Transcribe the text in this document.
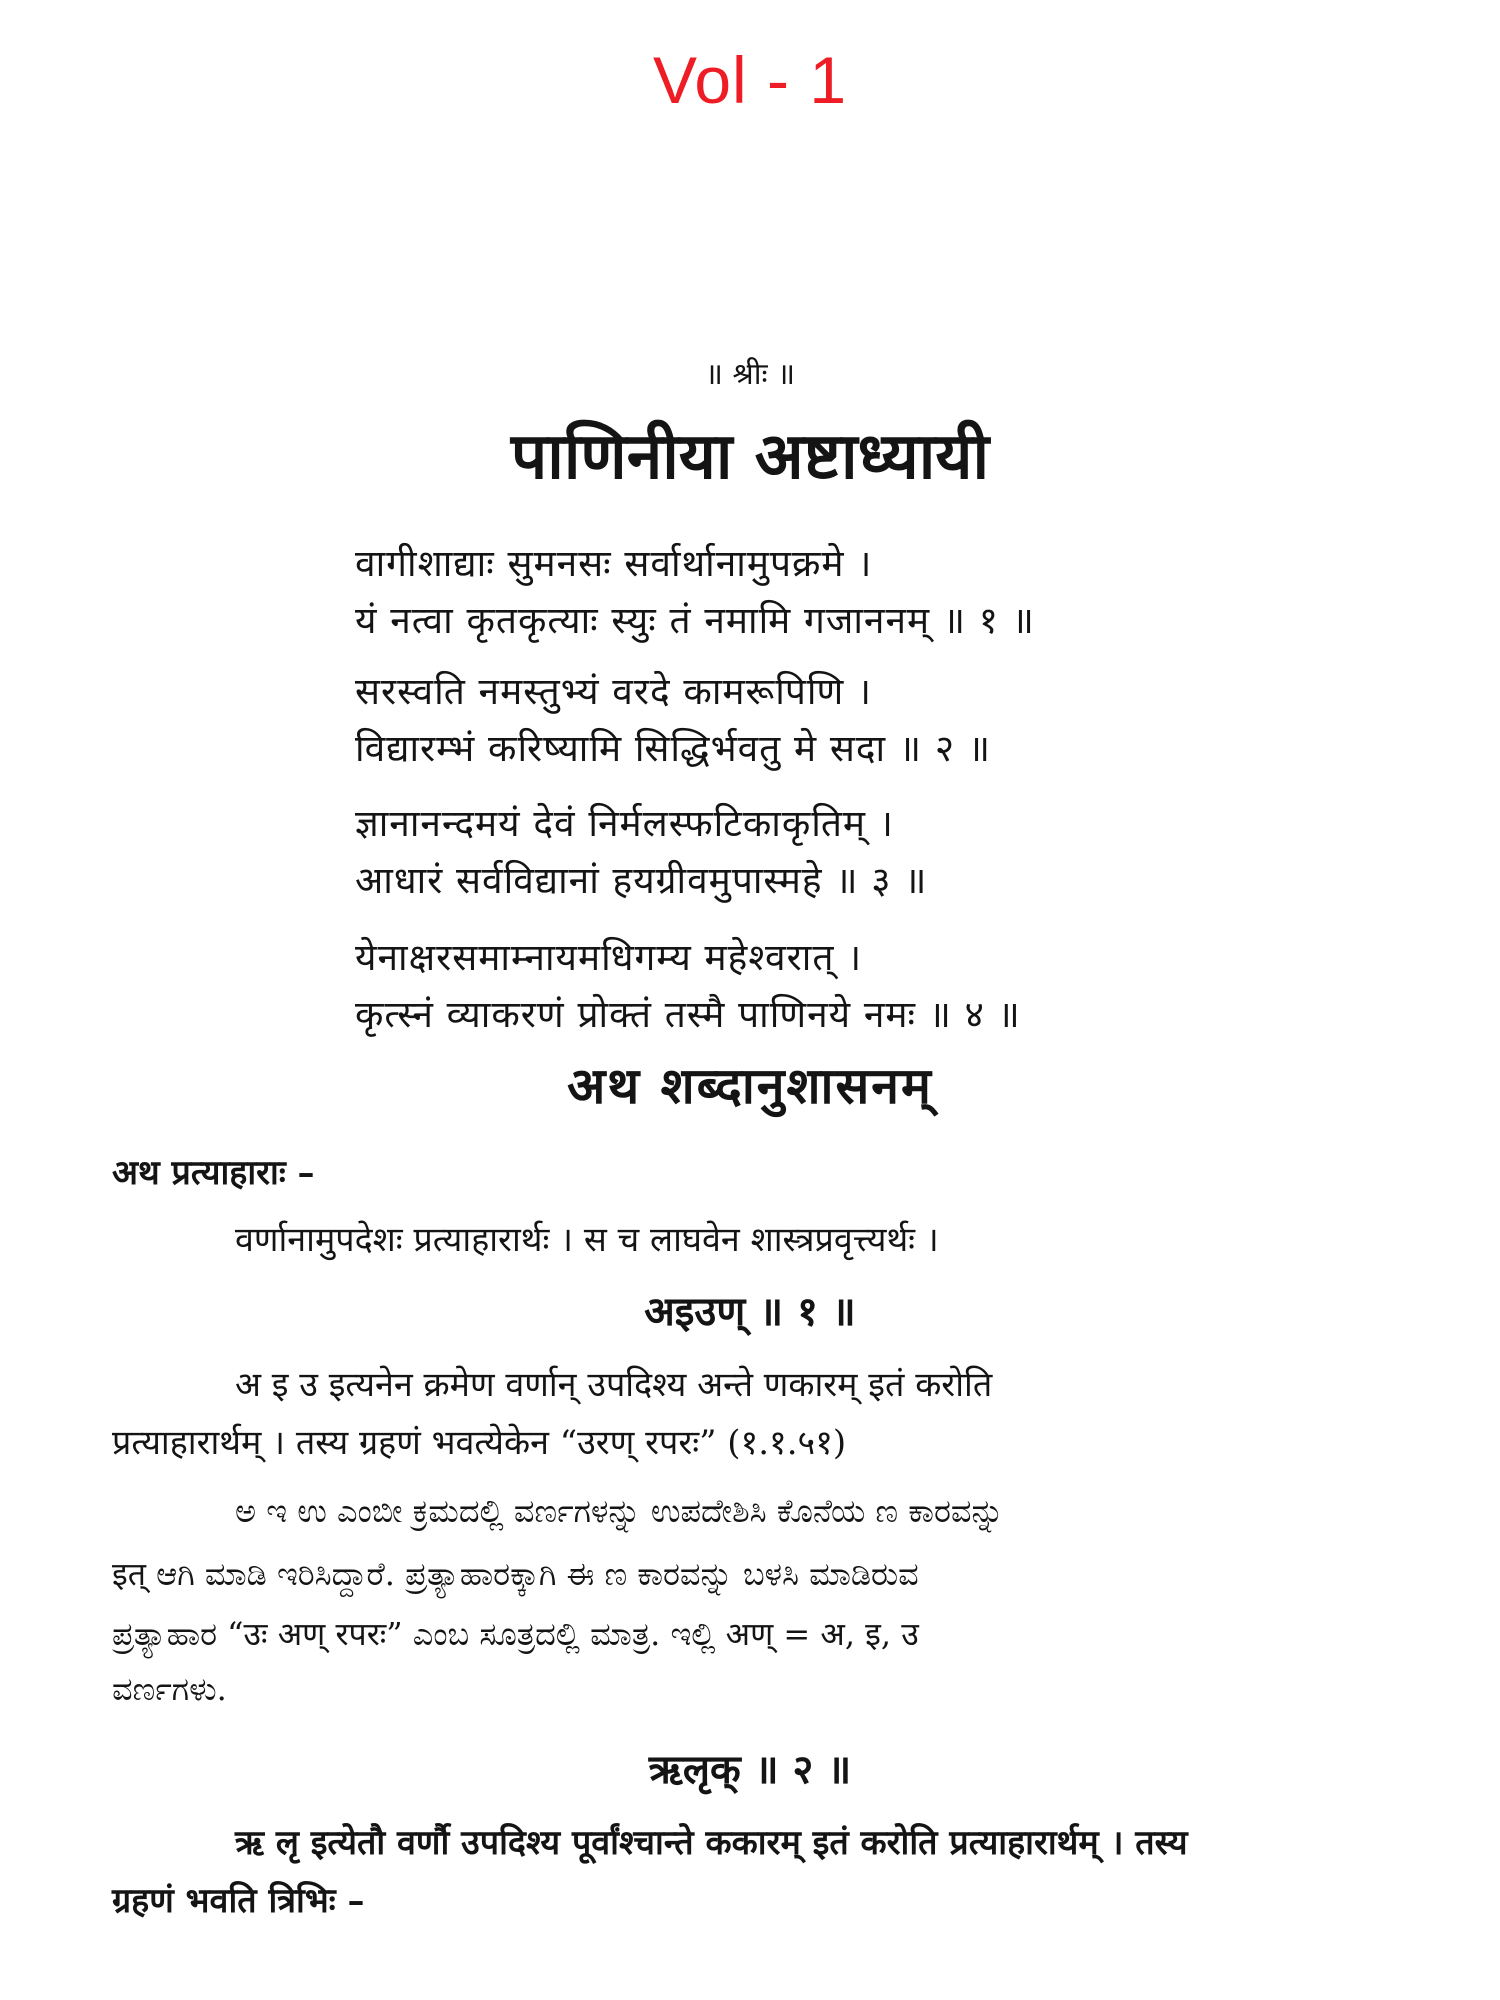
Vol - 1
॥ श्रीः ॥
पाणिनीया अष्टाध्यायी
वागीशाद्याः सुमनसः सर्वार्थानामुपक्रमे ।
यं नत्वा कृतकृत्याः स्युः तं नमामि गजाननम् ॥ १ ॥
सरस्वति नमस्तुभ्यं वरदे कामरूपिणि ।
विद्यारम्भं करिष्यामि सिद्धिर्भवतु मे सदा ॥ २ ॥
ज्ञानानन्दमयं देवं निर्मलस्फटिकाकृतिम् ।
आधारं सर्वविद्यानां हयग्रीवमुपास्महे ॥ ३ ॥
येनाक्षरसमाम्नायमधिगम्य महेश्वरात् ।
कृत्स्नं व्याकरणं प्रोक्तं तस्मै पाणिनये नमः ॥ ४ ॥
अथ शब्दानुशासनम्
अथ प्रत्याहाराः –
वर्णानामुपदेशः प्रत्याहारार्थः । स च लाघवेन शास्त्रप्रवृत्त्यर्थः ।
अइउण् ॥ १ ॥
अ इ उ इत्यनेन क्रमेण वर्णान् उपदिश्य अन्ते णकारम् इतं करोति
प्रत्याहारार्थम् । तस्य ग्रहणं भवत्येकेन “उरण् रपरः” (१.१.५१)
ಅ ಇ ಉ ಎಂಬೀ ಕ್ರಮದಲ್ಲಿ ವರ್ಣಗಳನ್ನು ಉಪದೇಶಿಸಿ ಕೊನೆಯ ಣ ಕಾರವನ್ನು
इत् ಆಗಿ ಮಾಡಿ ಇರಿಸಿದ್ದಾರೆ. ಪ್ರತ್ಯಾಹಾರಕ್ಕಾಗಿ ಈ ಣ ಕಾರವನ್ನು ಬಳಸಿ ಮಾಡಿರುವ
ಪ್ರತ್ಯಾಹಾರ “उः अण् रपरः” ಎಂಬ ಸೂತ್ರದಲ್ಲಿ ಮಾತ್ರ. ಇಲ್ಲಿ अण् = अ, इ, उ
ವರ್ಣಗಳು.
ऋलृक् ॥ २ ॥
ऋ लृ इत्येतौ वर्णौ उपदिश्य पूर्वांश्चान्ते ककारम् इतं करोति प्रत्याहारार्थम् । तस्य
ग्रहणं भवति त्रिभिः –
